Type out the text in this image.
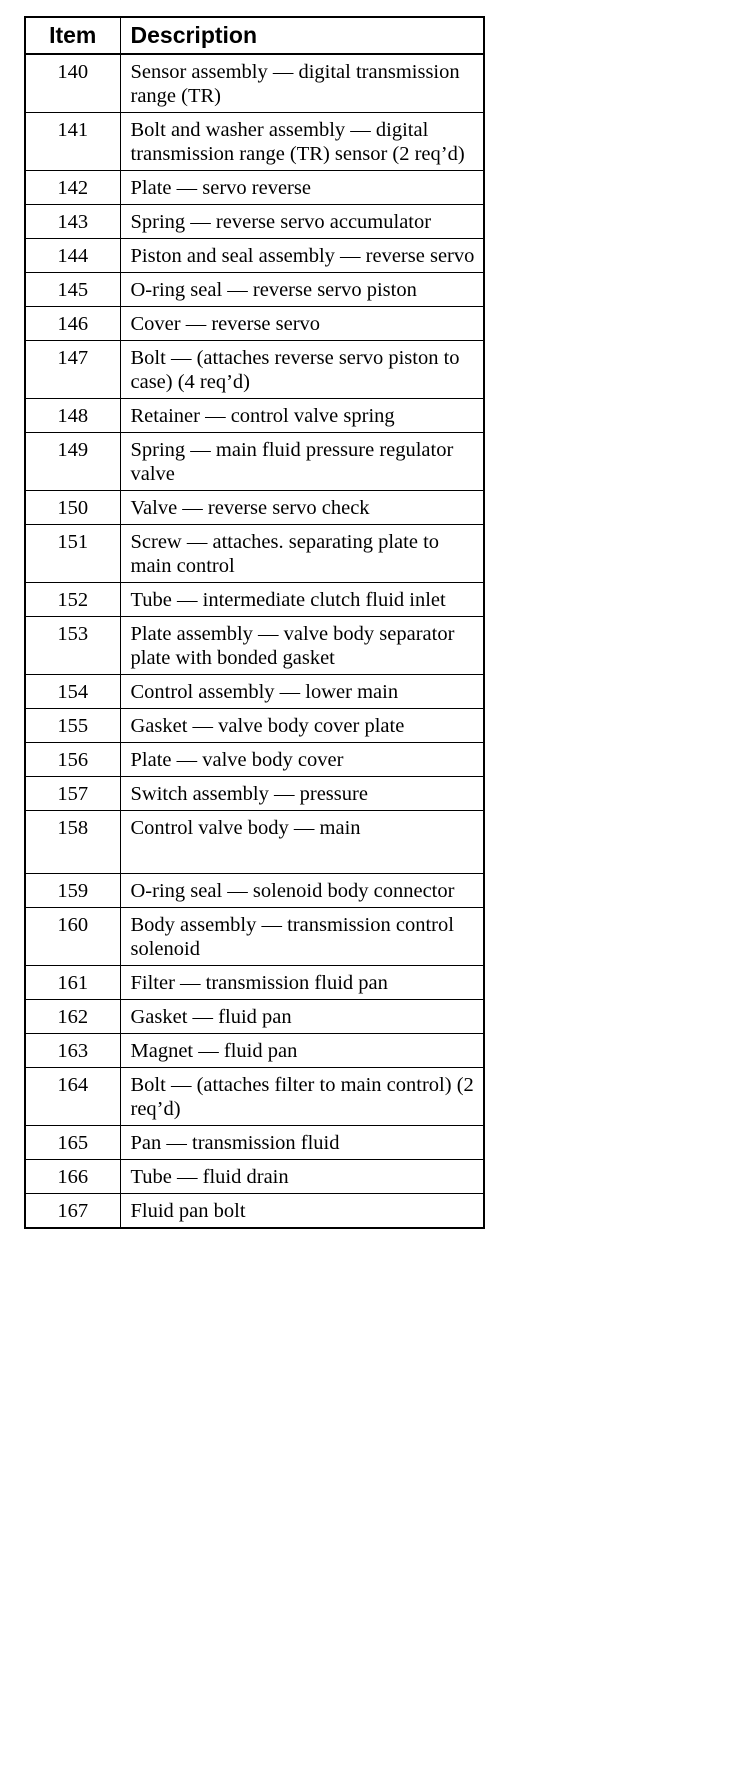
Item	Description
140	Sensor assembly — digital transmission range (TR)
141	Bolt and washer assembly — digital transmission range (TR) sensor (2 req’d)
142	Plate — servo reverse
143	Spring — reverse servo accumulator
144	Piston and seal assembly — reverse servo
145	O-ring seal — reverse servo piston
146	Cover — reverse servo
147	Bolt — (attaches reverse servo piston to case) (4 req’d)
148	Retainer — control valve spring
149	Spring — main fluid pressure regulator valve
150	Valve — reverse servo check
151	Screw — attaches. separating plate to main control
152	Tube — intermediate clutch fluid inlet
153	Plate assembly — valve body separator plate with bonded gasket
154	Control assembly — lower main
155	Gasket — valve body cover plate
156	Plate — valve body cover
157	Switch assembly — pressure
158	Control valve body — main
159	O-ring seal — solenoid body connector
160	Body assembly — transmission control solenoid
161	Filter — transmission fluid pan
162	Gasket — fluid pan
163	Magnet — fluid pan
164	Bolt — (attaches filter to main control) (2 req’d)
165	Pan — transmission fluid
166	Tube — fluid drain
167	Fluid pan bolt
